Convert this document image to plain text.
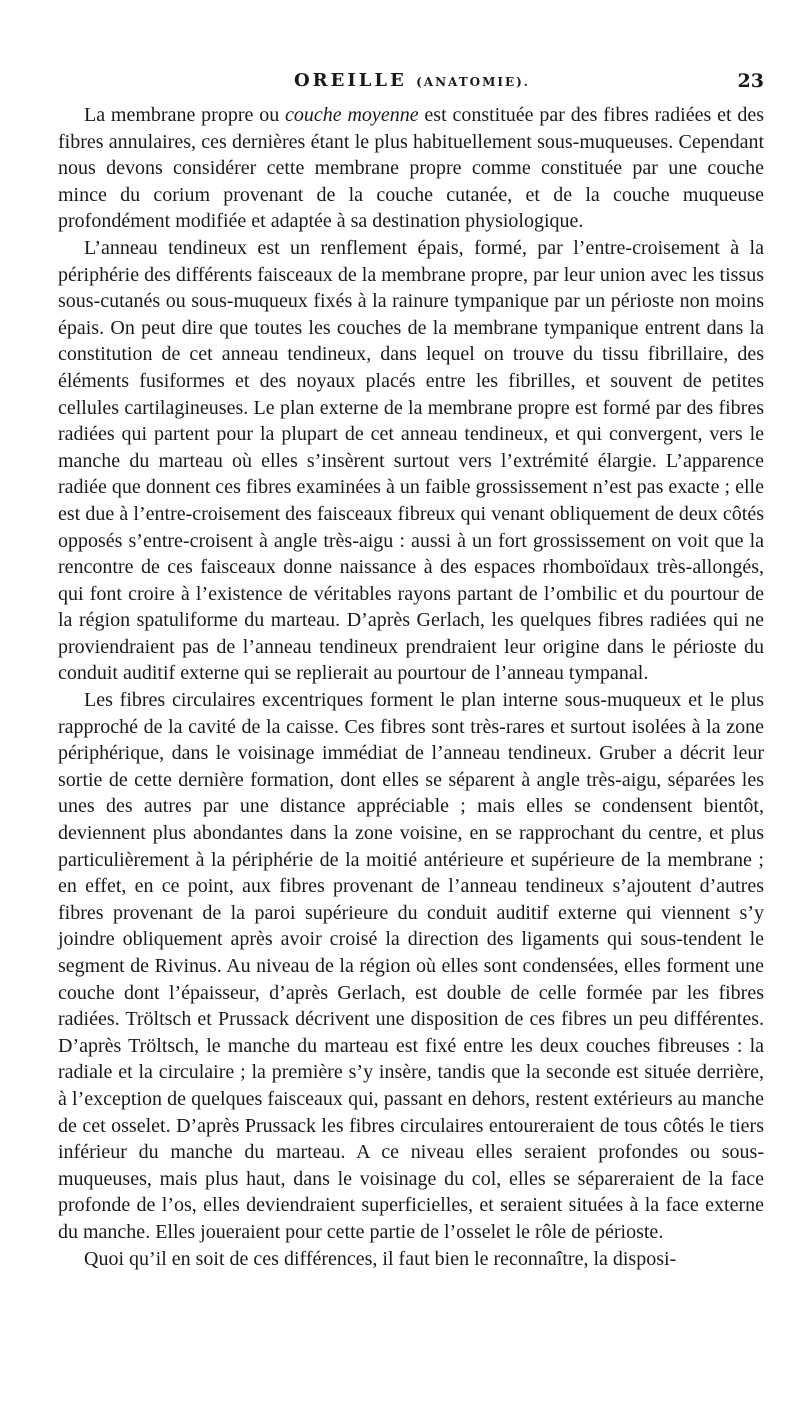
OREILLE (ANATOMIE).	23

La membrane propre ou couche moyenne est constituée par des fibres radiées et des fibres annulaires, ces dernières étant le plus habituellement sous-muqueuses. Cependant nous devons considérer cette membrane propre comme constituée par une couche mince du corium provenant de la couche cutanée, et de la couche muqueuse profondément modifiée et adaptée à sa destination physiologique.

L’anneau tendineux est un renflement épais, formé, par l’entre-croisement à la périphérie des différents faisceaux de la membrane propre, par leur union avec les tissus sous-cutanés ou sous-muqueux fixés à la rainure tympanique par un périoste non moins épais. On peut dire que toutes les couches de la membrane tympanique entrent dans la constitution de cet anneau tendineux, dans lequel on trouve du tissu fibrillaire, des éléments fusiformes et des noyaux placés entre les fibrilles, et souvent de petites cellules cartilagineuses. Le plan externe de la membrane propre est formé par des fibres radiées qui partent pour la plupart de cet anneau tendineux, et qui convergent, vers le manche du marteau où elles s’insèrent surtout vers l’extrémité élargie. L’apparence radiée que donnent ces fibres examinées à un faible grossissement n’est pas exacte ; elle est due à l’entre-croisement des faisceaux fibreux qui venant obliquement de deux côtés opposés s’entre-croisent à angle très-aigu : aussi à un fort grossissement on voit que la rencontre de ces faisceaux donne naissance à des espaces rhomboïdaux très-allongés, qui font croire à l’existence de véritables rayons partant de l’ombilic et du pourtour de la région spatuliforme du marteau. D’après Gerlach, les quelques fibres radiées qui ne proviendraient pas de l’anneau tendineux prendraient leur origine dans le périoste du conduit auditif externe qui se replierait au pourtour de l’anneau tympanal.

Les fibres circulaires excentriques forment le plan interne sous-muqueux et le plus rapproché de la cavité de la caisse. Ces fibres sont très-rares et surtout isolées à la zone périphérique, dans le voisinage immédiat de l’anneau tendineux. Gruber a décrit leur sortie de cette dernière formation, dont elles se séparent à angle très-aigu, séparées les unes des autres par une distance appréciable ; mais elles se condensent bientôt, deviennent plus abondantes dans la zone voisine, en se rapprochant du centre, et plus particulièrement à la périphérie de la moitié antérieure et supérieure de la membrane ; en effet, en ce point, aux fibres provenant de l’anneau tendineux s’ajoutent d’autres fibres provenant de la paroi supérieure du conduit auditif externe qui viennent s’y joindre obliquement après avoir croisé la direction des ligaments qui sous-tendent le segment de Rivinus. Au niveau de la région où elles sont condensées, elles forment une couche dont l’épaisseur, d’après Gerlach, est double de celle formée par les fibres radiées. Tröltsch et Prussack décrivent une disposition de ces fibres un peu différentes. D’après Tröltsch, le manche du marteau est fixé entre les deux couches fibreuses : la radiale et la circulaire ; la première s’y insère, tandis que la seconde est située derrière, à l’exception de quelques faisceaux qui, passant en dehors, restent extérieurs au manche de cet osselet. D’après Prussack les fibres circulaires entoureraient de tous côtés le tiers inférieur du manche du marteau. A ce niveau elles seraient profondes ou sous-muqueuses, mais plus haut, dans le voisinage du col, elles se sépareraient de la face profonde de l’os, elles deviendraient superficielles, et seraient situées à la face externe du manche. Elles joueraient pour cette partie de l’osselet le rôle de périoste.

Quoi qu’il en soit de ces différences, il faut bien le reconnaître, la disposi-
